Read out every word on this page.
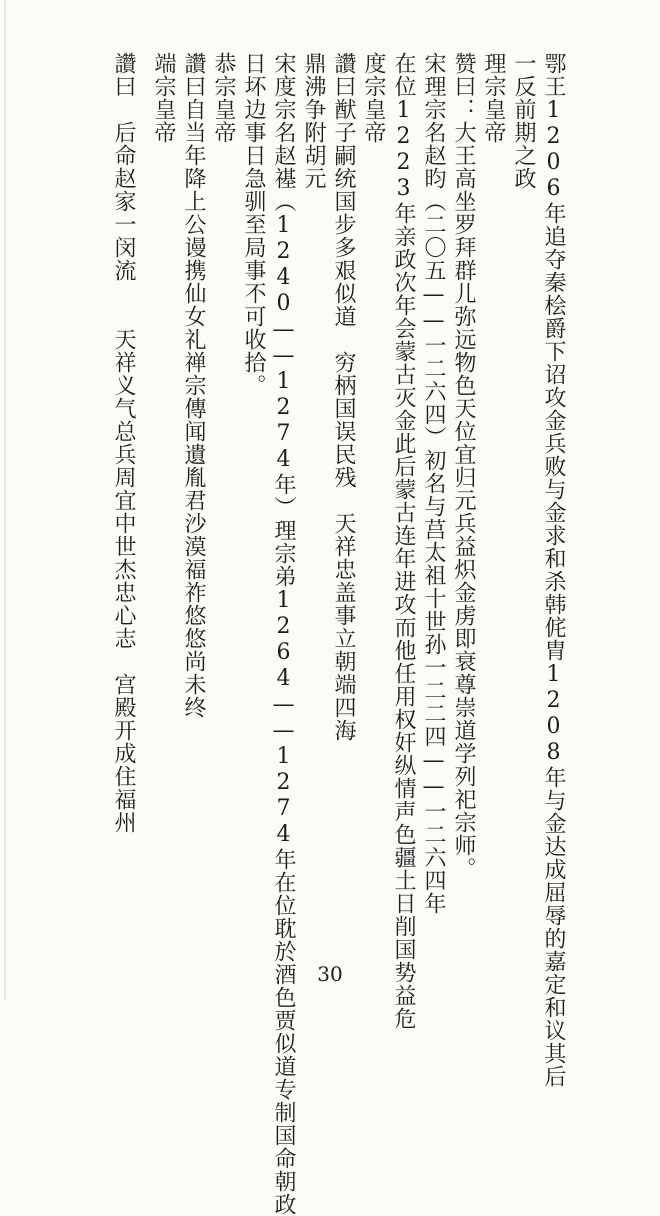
鄂王1206年追夺秦桧爵下诏攻金兵败与金求和杀韩侂胄1208年与金达成屈辱的嘉定和议其后
一反前期之政
理宗皇帝
赞曰：大王高坐罗拜群儿弥远物色天位宜归元兵益炽金虏即衰尊崇道学列祀宗师。
宋理宗名赵昀（二〇五——一二六四）初名与莒太祖十世孙一二二四——一二六四年
在位1223年亲政次年会蒙古灭金此后蒙古连年进攻而他任用权奸纵情声色疆土日削国势益危
度宗皇帝
讚曰猷子嗣统国步多艰似道　穷柄国误民残　天祥忠盖事立朝端四海
鼎沸争附胡元
宋度宗名赵禥（1240——1274年）理宗弟1264——1274年在位耽於酒色贾似道专制国命朝政
日坏边事日急驯至局事不可收拾。
恭宗皇帝
讚曰自当年降上公谩携仙女礼禅宗傳闻遺胤君沙漠福祚悠悠尚未终
端宗皇帝
讚曰　后命赵家一闵流　　天祥义气总兵周宜中世杰忠心志　宫殿开成住福州
30
